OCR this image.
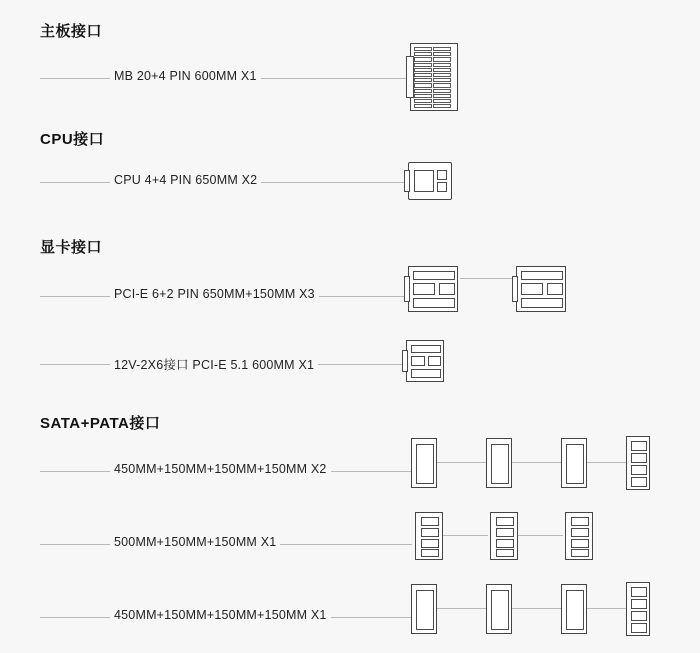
主板接口
MB 20+4 PIN 600MM X1
CPU接口
CPU 4+4 PIN 650MM X2
显卡接口
PCI-E 6+2 PIN 650MM+150MM X3
12V-2X6接口 PCI-E 5.1 600MM X1
SATA+PATA接口
450MM+150MM+150MM+150MM X2
500MM+150MM+150MM X1
450MM+150MM+150MM+150MM X1
